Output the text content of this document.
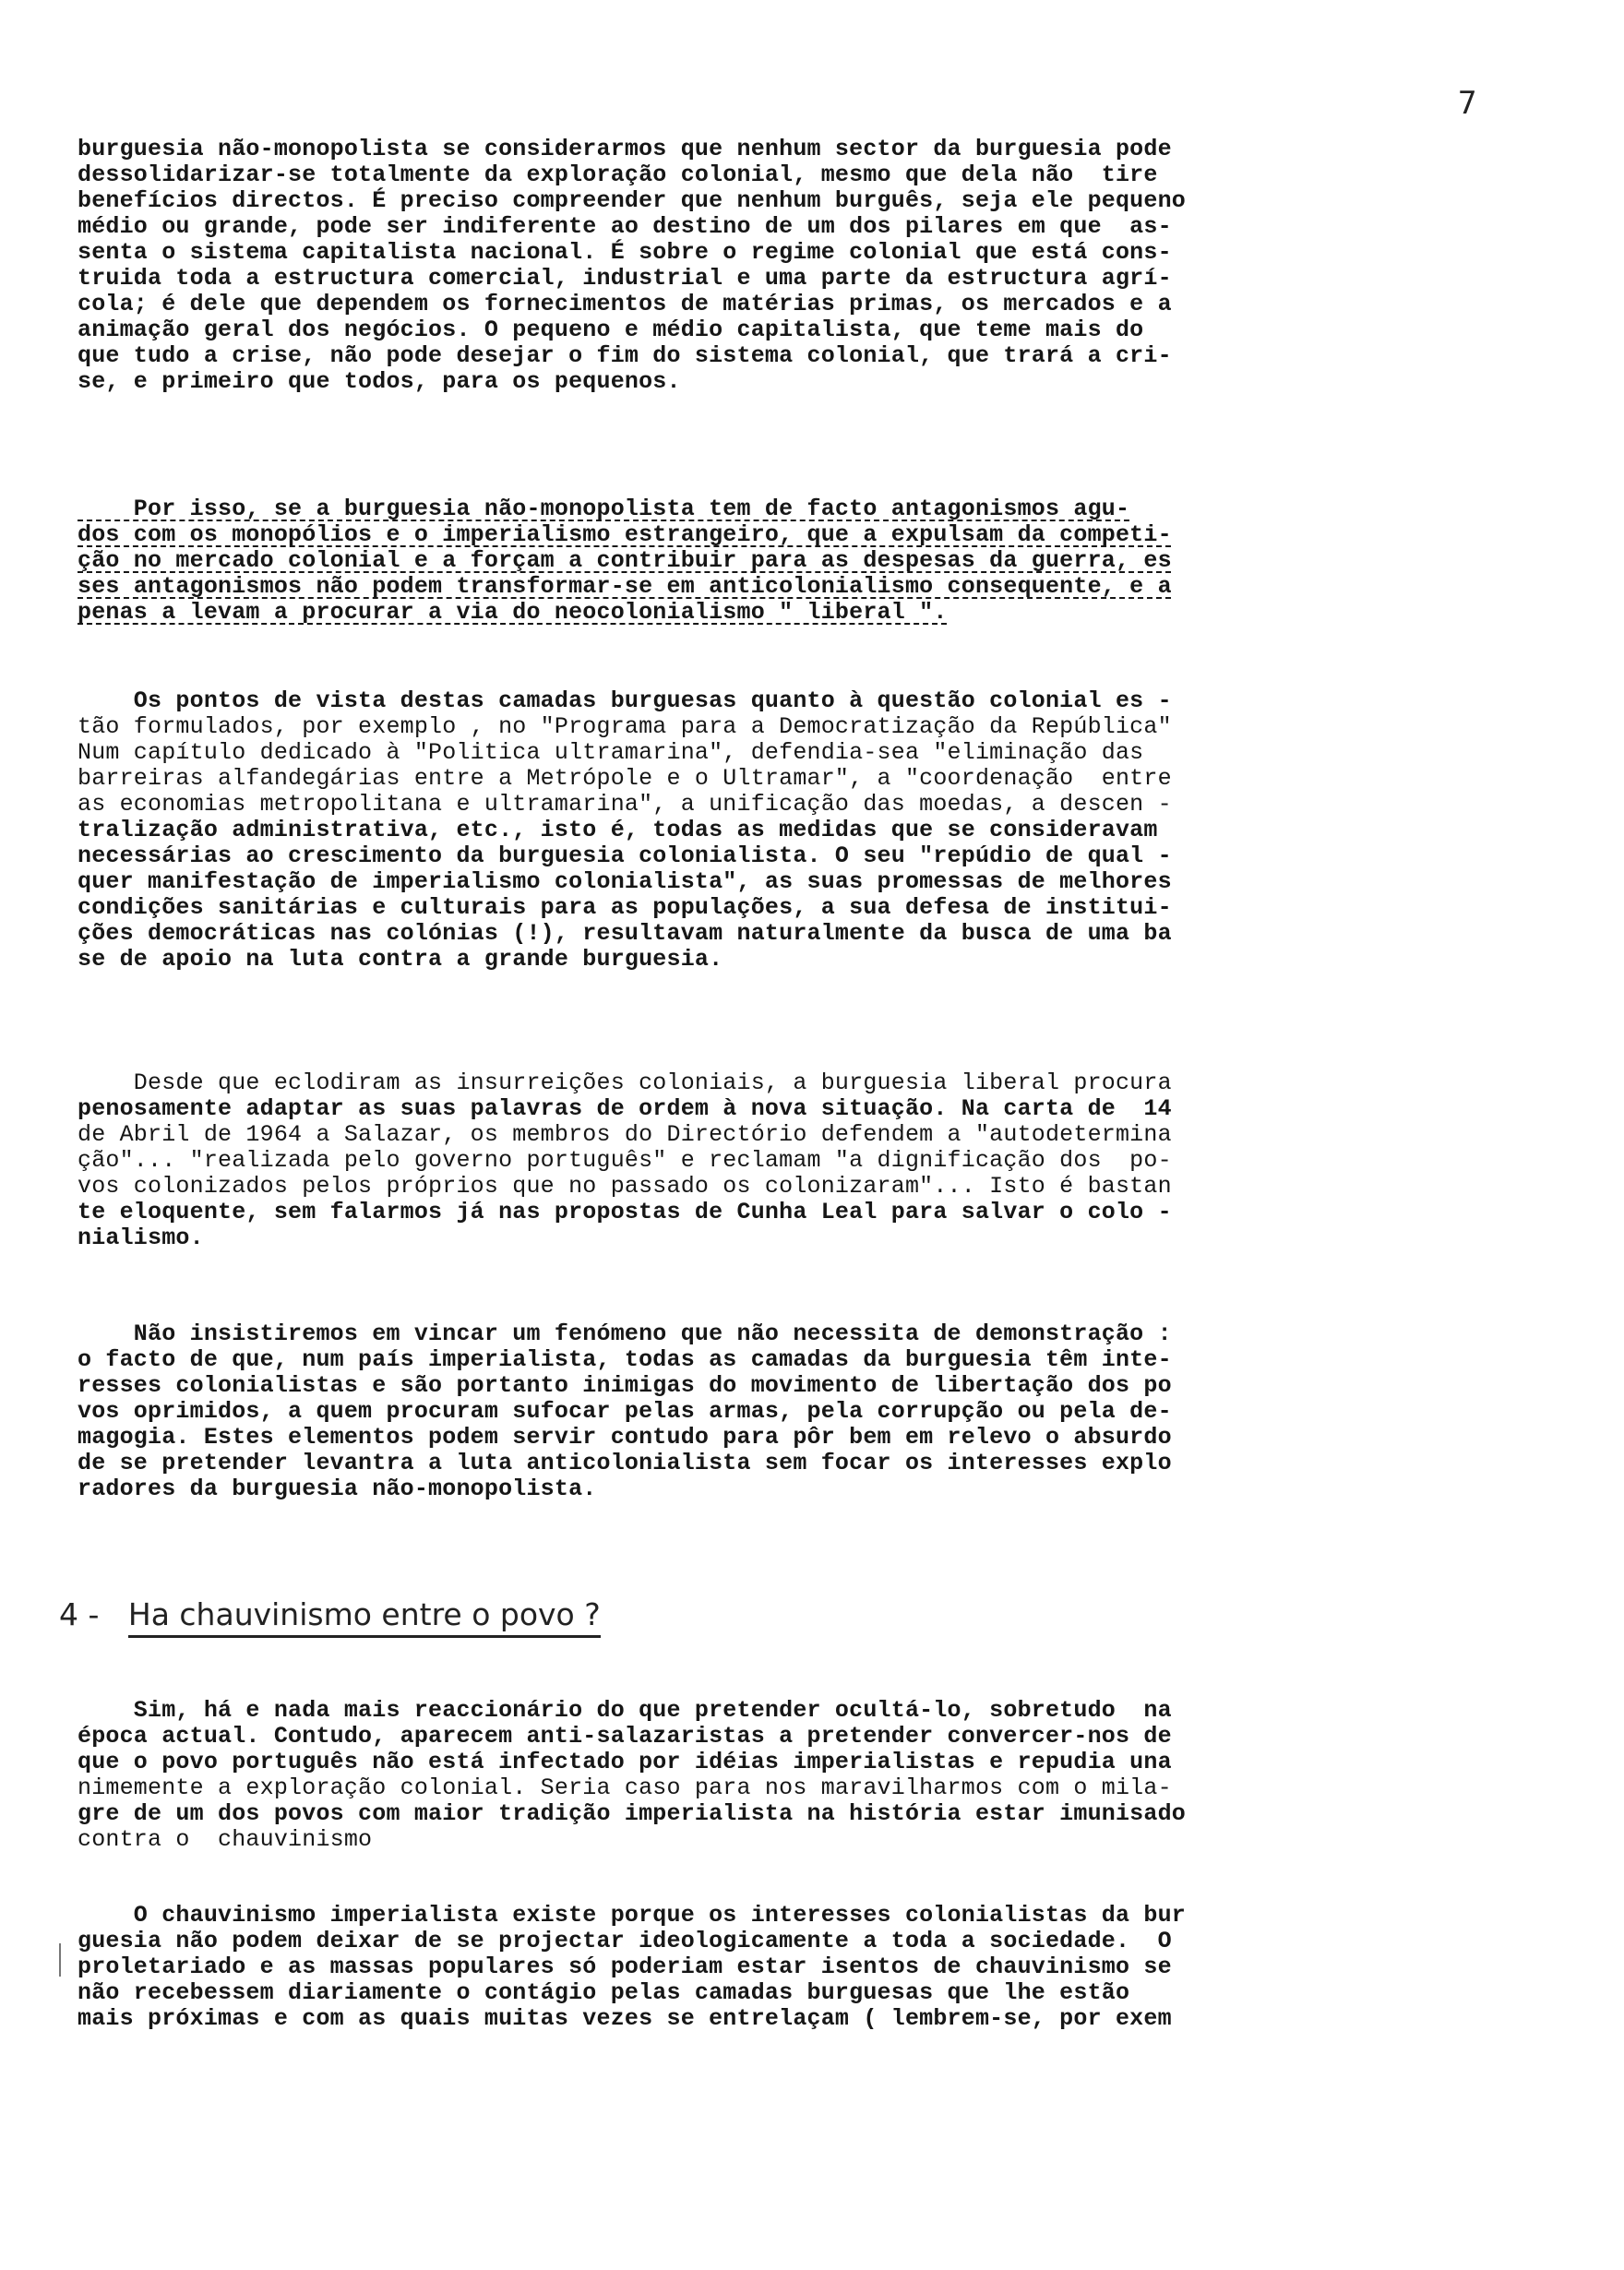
7
burguesia não-monopolista se considerarmos que nenhum sector da burguesia pode
dessolidarizar-se totalmente da exploração colonial, mesmo que dela não  tire
benefícios directos. É preciso compreender que nenhum burguês, seja ele pequeno
médio ou grande, pode ser indiferente ao destino de um dos pilares em que  as-
senta o sistema capitalista nacional. É sobre o regime colonial que está cons-
truida toda a estructura comercial, industrial e uma parte da estructura agrí-
cola; é dele que dependem os fornecimentos de matérias primas, os mercados e a
animação geral dos negócios. O pequeno e médio capitalista, que teme mais do
que tudo a crise, não pode desejar o fim do sistema colonial, que trará a cri-
se, e primeiro que todos, para os pequenos.
Por isso, se a burguesia não-monopolista tem de facto antagonismos agu-
dos com os monopólios e o imperialismo estrangeiro, que a expulsam da competi-
ção no mercado colonial e a forçam a contribuir para as despesas da guerra, es
ses antagonismos não podem transformar-se em anticolonialismo consequente, e a
penas a levam a procurar a via do neocolonialismo " liberal ".
Os pontos de vista destas camadas burguesas quanto à questão colonial es -
tão formulados, por exemplo , no "Programa para a Democratização da República"
Num capítulo dedicado à "Politica ultramarina", defendia-sea "eliminação das
barreiras alfandegárias entre a Metrópole e o Ultramar", a "coordenação  entre
as economias metropolitana e ultramarina", a unificação das moedas, a descen -
tralização administrativa, etc., isto é, todas as medidas que se consideravam
necessárias ao crescimento da burguesia colonialista. O seu "repúdio de qual -
quer manifestação de imperialismo colonialista", as suas promessas de melhores
condições sanitárias e culturais para as populações, a sua defesa de institui-
ções democráticas nas colónias (!), resultavam naturalmente da busca de uma ba
se de apoio na luta contra a grande burguesia.
Desde que eclodiram as insurreições coloniais, a burguesia liberal procura
penosamente adaptar as suas palavras de ordem à nova situação. Na carta de  14
de Abril de 1964 a Salazar, os membros do Directório defendem a "autodetermina
ção"... "realizada pelo governo português" e reclamam "a dignificação dos  po-
vos colonizados pelos próprios que no passado os colonizaram"... Isto é bastan
te eloquente, sem falarmos já nas propostas de Cunha Leal para salvar o colo -
nialismo.
Não insistiremos em vincar um fenómeno que não necessita de demonstração :
o facto de que, num país imperialista, todas as camadas da burguesia têm inte-
resses colonialistas e são portanto inimigas do movimento de libertação dos po
vos oprimidos, a quem procuram sufocar pelas armas, pela corrupção ou pela de-
magogia. Estes elementos podem servir contudo para pôr bem em relevo o absurdo
de se pretender levantra a luta anticolonialista sem focar os interesses explo
radores da burguesia não-monopolista.
4 - Ha chauvinismo entre o povo ?
Sim, há e nada mais reaccionário do que pretender ocultá-lo, sobretudo  na
época actual. Contudo, aparecem anti-salazaristas a pretender convercer-nos de
que o povo português não está infectado por idéias imperialistas e repudia una
nimemente a exploração colonial. Seria caso para nos maravilharmos com o mila-
gre de um dos povos com maior tradição imperialista na história estar imunisado
contra o  chauvinismo
O chauvinismo imperialista existe porque os interesses colonialistas da bur
guesia não podem deixar de se projectar ideologicamente a toda a sociedade.  O
proletariado e as massas populares só poderiam estar isentos de chauvinismo se
não recebessem diariamente o contágio pelas camadas burguesas que lhe estão
mais próximas e com as quais muitas vezes se entrelaçam ( lembrem-se, por exem
